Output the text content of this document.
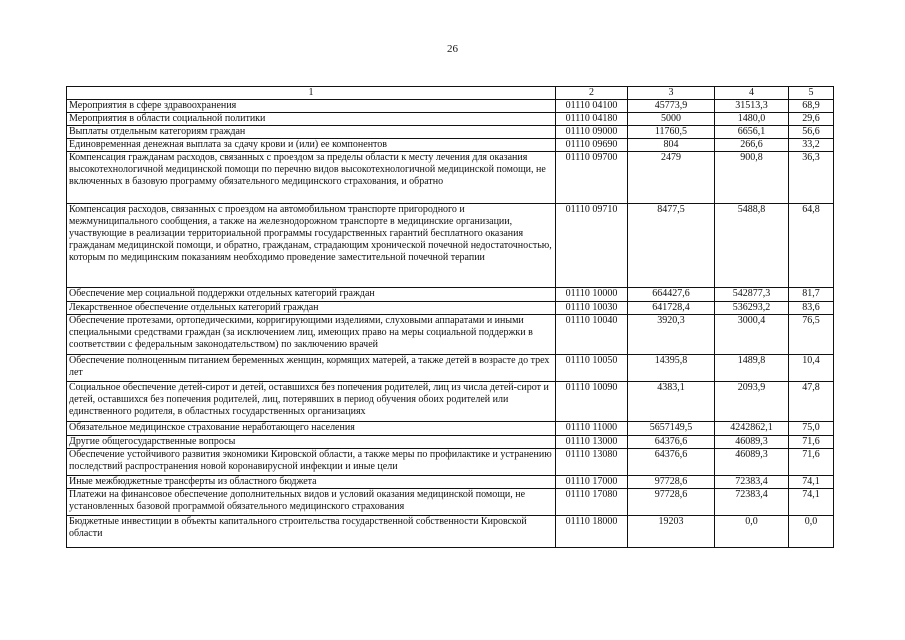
26
1	2	3	4	5
Мероприятия в сфере здравоохранения	01110 04100	45773,9	31513,3	68,9
Мероприятия в области социальной политики	01110 04180	5000	1480,0	29,6
Выплаты отдельным категориям граждан	01110 09000	11760,5	6656,1	56,6
Единовременная денежная выплата за сдачу крови и (или) ее компонентов	01110 09690	804	266,6	33,2
Компенсация гражданам расходов, связанных с проездом за пределы области к месту лечения для оказания высокотехнологичной медицинской помощи по перечню видов высокотехнологичной медицинской помощи, не включенных в базовую программу обязательного медицинского страхования, и обратно	01110 09700	2479	900,8	36,3
Компенсация расходов, связанных с проездом на автомобильном транспорте пригородного и межмуниципального сообщения, а также на железнодорожном транспорте в медицинские организации, участвующие в реализации территориальной программы государственных гарантий бесплатного оказания гражданам медицинской помощи, и обратно, гражданам, страдающим хронической почечной недостаточностью, которым по медицинским показаниям необходимо проведение заместительной почечной терапии	01110 09710	8477,5	5488,8	64,8
Обеспечение мер социальной поддержки отдельных категорий граждан	01110 10000	664427,6	542877,3	81,7
Лекарственное обеспечение отдельных категорий граждан	01110 10030	641728,4	536293,2	83,6
Обеспечение протезами, ортопедическими, корригирующими изделиями, слуховыми аппаратами и иными специальными средствами граждан (за исключением лиц, имеющих право на меры социальной поддержки в соответствии с федеральным законодательством) по заключению врачей	01110 10040	3920,3	3000,4	76,5
Обеспечение полноценным питанием беременных женщин, кормящих матерей, а также детей в возрасте до трех лет	01110 10050	14395,8	1489,8	10,4
Социальное обеспечение детей-сирот и детей, оставшихся без попечения родителей, лиц из числа детей-сирот и детей, оставшихся без попечения родителей, лиц, потерявших в период обучения обоих родителей или единственного родителя, в областных государственных организациях	01110 10090	4383,1	2093,9	47,8
Обязательное медицинское страхование неработающего населения	01110 11000	5657149,5	4242862,1	75,0
Другие общегосударственные вопросы	01110 13000	64376,6	46089,3	71,6
Обеспечение устойчивого развития экономики Кировской области, а также меры по профилактике и устранению последствий распространения новой коронавирусной инфекции и иные цели	01110 13080	64376,6	46089,3	71,6
Иные межбюджетные трансферты из областного бюджета	01110 17000	97728,6	72383,4	74,1
Платежи на финансовое обеспечение дополнительных видов и условий оказания медицинской помощи, не установленных базовой программой обязательного медицинского страхования	01110 17080	97728,6	72383,4	74,1
Бюджетные инвестиции в объекты капитального строительства государственной собственности Кировской области	01110 18000	19203	0,0	0,0
